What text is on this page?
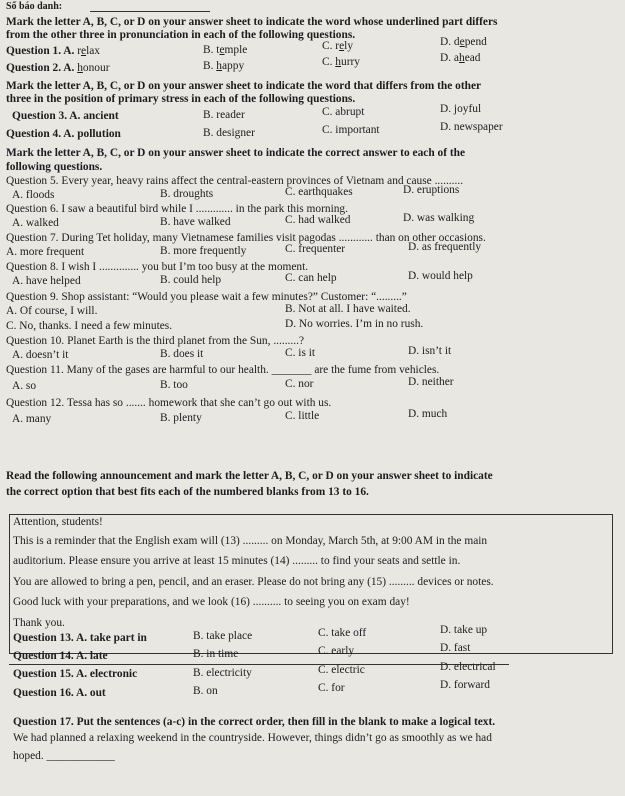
Số báo danh:
Mark the letter A, B, C, or D on your answer sheet to indicate the word whose underlined part differs
from the other three in pronunciation in each of the following questions.
Question 1. A. relax	B. temple	C. rely	D. depend
Question 2. A. honour	B. happy	C. hurry	D. ahead
Mark the letter A, B, C, or D on your answer sheet to indicate the word that differs from the other
three in the position of primary stress in each of the following questions.
Question 3. A. ancient	B. reader	C. abrupt	D. joyful
Question 4. A. pollution	B. designer	C. important	D. newspaper
Mark the letter A, B, C, or D on your answer sheet to indicate the correct answer to each of the
following questions.
Question 5. Every year, heavy rains affect the central-eastern provinces of Vietnam and cause ..........
A. floods	B. droughts	C. earthquakes	D. eruptions
Question 6. I saw a beautiful bird while I ............. in the park this morning.
A. walked	B. have walked	C. had walked	D. was walking
Question 7. During Tet holiday, many Vietnamese families visit pagodas ............ than on other occasions.
A. more frequent	B. more frequently	C. frequenter	D. as frequently
Question 8. I wish I .............. you but I’m too busy at the moment.
A. have helped	B. could help	C. can help	D. would help
Question 9. Shop assistant: “Would you please wait a few minutes?” Customer: “.........”
A. Of course, I will.	B. Not at all. I have waited.
C. No, thanks. I need a few minutes.	D. No worries. I’m in no rush.
Question 10. Planet Earth is the third planet from the Sun, .........?
A. doesn’t it	B. does it	C. is it	D. isn’t it
Question 11. Many of the gases are harmful to our health. _______ are the fume from vehicles.
A. so	B. too	C. nor	D. neither
Question 12. Tessa has so ....... homework that she can’t go out with us.
A. many	B. plenty	C. little	D. much
Read the following announcement and mark the letter A, B, C, or D on your answer sheet to indicate
the correct option that best fits each of the numbered blanks from 13 to 16.
Attention, students!
This is a reminder that the English exam will (13) ......... on Monday, March 5th, at 9:00 AM in the main
auditorium. Please ensure you arrive at least 15 minutes (14) ......... to find your seats and settle in.
You are allowed to bring a pen, pencil, and an eraser. Please do not bring any (15) ......... devices or notes.
Good luck with your preparations, and we look (16) .......... to seeing you on exam day!
Thank you.
Question 13. A. take part in	B. take place	C. take off	D. take up
Question 14. A. late	B. in time	C. early	D. fast
Question 15. A. electronic	B. electricity	C. electric	D. electrical
Question 16. A. out	B. on	C. for	D. forward
Question 17. Put the sentences (a-c) in the correct order, then fill in the blank to make a logical text.
We had planned a relaxing weekend in the countryside. However, things didn’t go as smoothly as we had
hoped. ____________
